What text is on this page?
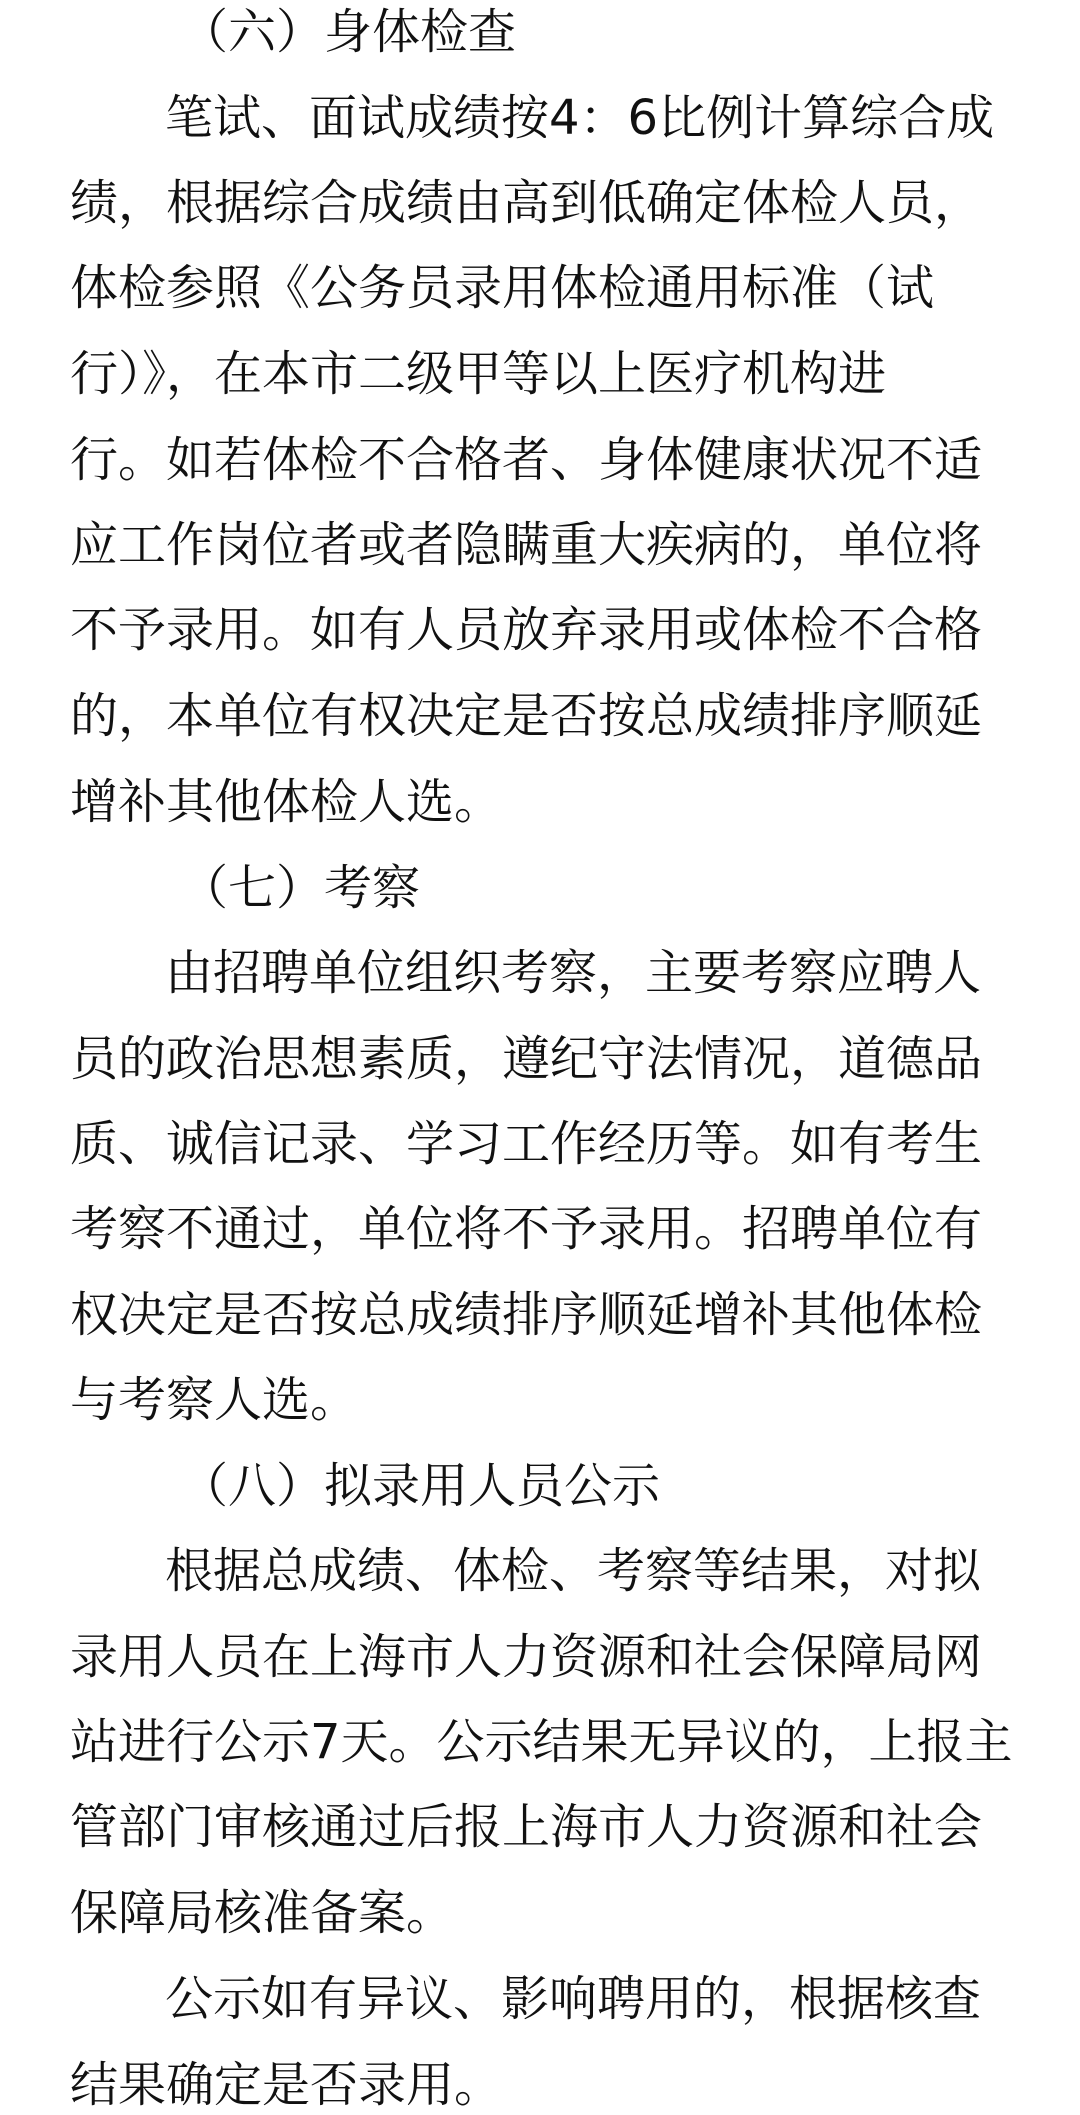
（六）身体检查
笔试、面试成绩按4：6比例计算综合成
绩，根据综合成绩由高到低确定体检人员，
体检参照《公务员录用体检通用标准（试
行）》，在本市二级甲等以上医疗机构进
行。如若体检不合格者、身体健康状况不适
应工作岗位者或者隐瞒重大疾病的，单位将
不予录用。如有人员放弃录用或体检不合格
的，本单位有权决定是否按总成绩排序顺延
增补其他体检人选。
（七）考察
由招聘单位组织考察，主要考察应聘人
员的政治思想素质，遵纪守法情况，道德品
质、诚信记录、学习工作经历等。如有考生
考察不通过，单位将不予录用。招聘单位有
权决定是否按总成绩排序顺延增补其他体检
与考察人选。
（八）拟录用人员公示
根据总成绩、体检、考察等结果，对拟
录用人员在上海市人力资源和社会保障局网
站进行公示7天。公示结果无异议的，上报主
管部门审核通过后报上海市人力资源和社会
保障局核准备案。
公示如有异议、影响聘用的，根据核查
结果确定是否录用。
